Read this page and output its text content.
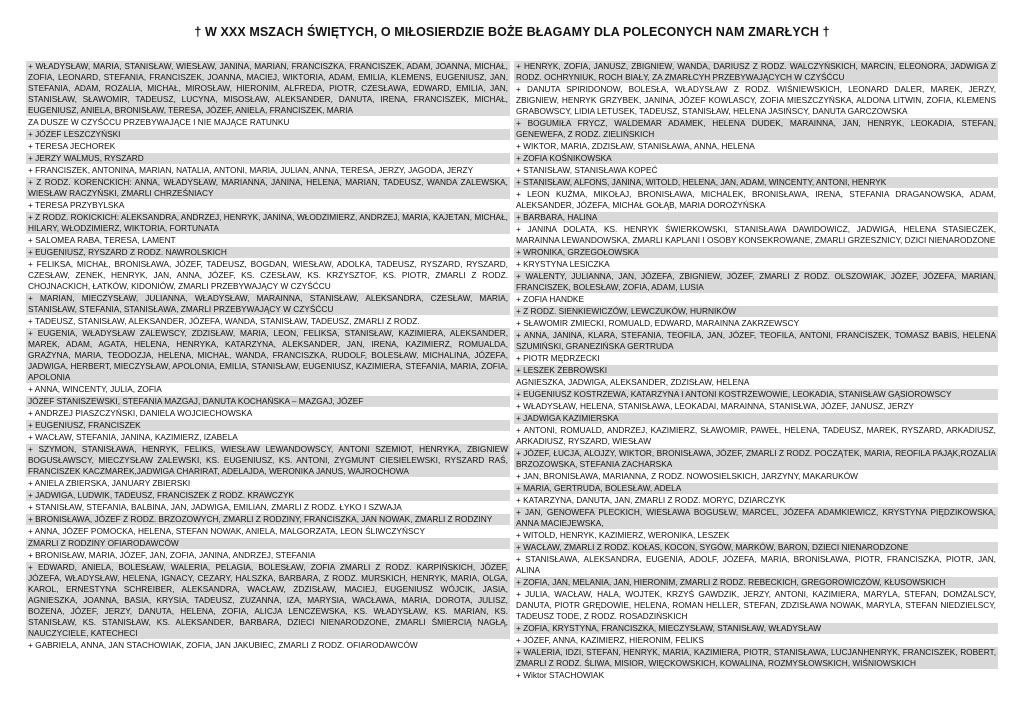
† W XXX MSZACH ŚWIĘTYCH, O MIŁOSIERDZIE BOŻE BŁAGAMY DLA POLECONYCH NAM ZMARŁYCH †
+ WŁADYSŁAW, MARIA, STANISŁAW, WIESŁAW, JANINA, MARIAN, FRANCISZKA, FRANCISZEK, ADAM, JOANNA, MICHAŁ, ZOFIA, LEONARD, STEFANIA, FRANCISZEK, JOANNA, MACIEJ, WIKTORIA, ADAM, EMILIA, KLEMENS, EUGENIUSZ, JAN, STEFANIA, ADAM, ROZALIA, MICHAŁ, MIROSŁAW, HIERONIM, ALFREDA, PIOTR, CZESŁAWA, EDWARD, EMILIA, JAN, STANISŁAW, SŁAWOMIR, TADEUSZ, LUCYNA, MISOSŁAW, ALEKSANDER, DANUTA, IRENA, FRANCISZEK, MICHAŁ, EUGENIUSZ, ANIELA, BRONISŁAW, TERESA, JÓZEF, ANIELA, FRANCISZEK, MARIA
ZA DUSZE W CZYŚĆCU PRZEBYWAJĄCE I NIE MAJĄCE RATUNKU
+ JÓZEF LESZCZYŃSKI
+ TERESA JECHOREK
+ JERZY WALMUS, RYSZARD
+ FRANCISZEK, ANTONINA, MARIAN, NATALIA, ANTONI, MARIA, JULIAN, ANNA, TERESA, JERZY, JAGODA, JERZY
+ Z RODZ. KORENCKICH: ANNA, WŁADYSŁAW, MARIANNA, JANINA, HELENA, MARIAN, TADEUSZ, WANDA ZALEWSKA, WIESŁAW RACZYŃSKI, ZMARLI CHRZEŚNIACY
+ TERESA PRZYBYLSKA
+ Z RODZ. ROKICKICH: ALEKSANDRA, ANDRZEJ, HENRYK, JANINA, WŁODZIMIERZ, ANDRZEJ, MARIA, KAJETAN, MICHAŁ, HILARY, WŁODZIMIERZ, WIKTORIA, FORTUNATA
+ SALOMEA RABA, TERESA, LAMENT
+ EUGENIUSZ, RYSZARD Z RODZ. NAWROLSKICH
+ FELIKSA, MICHAŁ, BRONISŁAWA, JÓZEF, TADEUSZ, BOGDAN, WIESŁAW, ADOLKA, TADEUSZ, RYSZARD, RYSZARD, CZESŁAW, ZENEK, HENRYK, JAN, ANNA, JÓZEF, KS. CZESŁAW, KS. KRZYSZTOF, KS. PIOTR, ZMARLI Z RODZ. CHOJNACKICH, ŁATKÓW, KIDONIÓW, ZMARLI PRZEBYWAJĄCY W CZYŚĆCU
+ MARIAN, MIECZYSŁAW, JULIANNA, WŁADYSŁAW, MARAINNA, STANISŁAW, ALEKSANDRA, CZESŁAW, MARIA, STANISŁAW, STEFANIA, STANISŁAWA, ZMARLI PRZEBYWAJĄCY W CZYŚĆCU
+ TADEUSZ, STANISŁAW, ALEKSANDER, JÓZEFA, WANDA, STANISŁAW, TADEUSZ, ZMARLI Z RODZ.
+ EUGENIA, WŁADYSŁAW ZALEWSCY, ZDZISŁAW, MARIA, LEON, FELIKSA, STANISŁAW, KAZIMIERA, ALEKSANDER, MAREK, ADAM, AGATA, HELENA, HENRYKA, KATARZYNA, ALEKSANDER, JAN, IRENA, KAZIMIERZ, ROMUALDA, GRAŻYNA, MARIA, TEODOZJA, HELENA, MICHAŁ, WANDA, FRANCISZKA, RUDOLF, BOLESŁAW, MICHALINA, JÓZEFA, JADWIGA, HERBERT, MIECZYSŁAW, APOLONIA, EMILIA, STANISŁAW, EUGENIUSZ, KAZIMIERA, STEFANIA, MARIA, ZOFIA, APOLONIA
+ ANNA, WINCENTY, JULIA, ZOFIA
JÓZEF STANISZEWSKI, STEFANIA MAZGAJ, DANUTA KOCHAŃSKA – MAZGAJ, JÓZEF
+ ANDRZEJ PIASZCZYŃSKI, DANIELA WOJCIECHOWSKA
+ EUGENIUSZ, FRANCISZEK
+ WACŁAW, STEFANIA, JANINA, KAZIMIERZ, IZABELA
+ SZYMON, STANISŁAWA, HENRYK, FELIKS, WIESŁAW LEWANDOWSCY, ANTONI SZEMIOT, HENRYKA, ZBIGNIEW BOGUSŁAWSCY, MIECZYSŁAW ZALEWSKI, KS. EUGENIUSZ, KS. ANTONI, ZYGMUNT CIESIELEWSKI, RYSZARD RAŚ, FRANCISZEK KACZMAREK,JADWIGA CHARIRAT, ADELAJDA, WERONIKA JANUS, WAJROCHOWA
+ ANIELA ZBIERSKA, JANUARY ZBIERSKI
+ JADWIGA, LUDWIK, TADEUSZ, FRANCISZEK Z RODZ. KRAWCZYK
+ STANISŁAW, STEFANIA, BALBINA, JAN, JADWIGA, EMILIAN, ZMARLI Z RODZ. ŁYKO I SZWAJA
+ BRONISŁAWA, JÓZEF Z RODZ. BRZOZOWYCH, ZMARLI Z RODZINY, FRANCISZKA, JAN NOWAK, ZMARLI Z RODZINY
+ ANNA, JÓZEF POMOCKA, HELENA, STEFAN NOWAK, ANIELA, MALGORZATA, LEON ŚLIWCZYŃSCY
ZMARLI Z RODZINY OFIARODAWCÓW
+ BRONISŁAW, MARIA, JÓZEF, JAN, ZOFIA, JANINA, ANDRZEJ, STEFANIA
+ EDWARD, ANIELA, BOLESŁAW, WALERIA, PELAGIA, BOLESŁAW, ZOFIA ZMARLI Z RODZ. KARPIŃSKICH, JÓZEF, JÓZEFA, WŁADYSŁAW, HELENA, IGNACY, CEZARY, HALSZKA, BARBARA, Z RODZ. MURSKICH, HENRYK, MARIA, OLGA, KAROL, ERNESTYNA SCHREIBER, ALEKSANDRA, WACŁAW, ZDZISŁAW, MACIEJ, EUGENIUSZ WÓJCIK, JASIA, AGNIESZKA, JOANNA, BASIA, KRYSIA, TADEUSZ, ZUZANNA, IZA, MARYSIA, WACŁAWA, MARIA, DOROTA, JULISZ, BOŻENA, JÓZEF, JERZY, DANUTA, HELENA, ZOFIA, ALICJA LENCZEWSKA, KS. WŁADYSŁAW, KS. MARIAN, KS. STANISŁAW, KS. STANISŁAW, KS. ALEKSANDER, BARBARA, DZIECI NIENARODZONE, ZMARLI ŚMIERCIĄ NAGŁĄ, NAUCZYCIELE, KATECHECI
+ GABRIELA, ANNA, JAN STACHOWIAK, ZOFIA, JAN JAKUBIEC, ZMARLI Z RODZ. OFIARODAWCÓW
+ HENRYK, ZOFIA, JANUSZ, ZBIGNIEW, WANDA, DARIUSZ Z RODZ. WALCZYŃSKICH, MARCIN, ELEONORA, JADWIGA Z RODZ. OCHRYNIUK, ROCH BIAŁY, ZA ZMARŁCYH PRZEBYWAJĄCYCH W CZYŚĆCU
+ DANUTA SPIRIDONOW, BOLESŁA, WŁADYSŁAW Z RODZ. WIŚNIEWSKICH, LEONARD DALER, MAREK, JERZY, ZBIGNIEW, HENRYK GRZYBEK, JANINA, JÓZEF KOWLASCY, ZOFIA MIESZCZYŃSKA, ALDONA LITWIN, ZOFIA, KLEMENS GRABOWSCY, LIDIA LETUSEK, TADEUSZ, STANISŁAW, HELENA JASIŃSCY, DANUTA GARCZOWSKA
+ BOGUMIŁA FRYCZ, WALDEMAR ADAMEK, HELENA DUDEK, MARAINNA, JAN, HENRYK, LEOKADIA, STEFAN, GENEWEFA, Z RODZ. ZIELIŃSKICH
+ WIKTOR, MARIA, ZDZISŁAW, STANISŁAWA, ANNA, HELENA
+ ZOFIA KOŚNIKOWSKA
+ STANISŁAW, STANISŁAWA KOPEĆ
+ STANISŁAW, ALFONS, JANINA, WITOLD, HELENA, JAN, ADAM, WINCENTY, ANTONI, HENRYK
+ LEON KUŹMA, MIKOŁAJ, BRONISŁAWA, MICHALEK, BRONISŁAWA, IRENA, STEFANIA DRAGANOWSKA, ADAM, ALEKSANDER, JÓZEFA, MICHAŁ GOŁĄB, MARIA DOROŻYŃSKA
+ BARBARA, HALINA
+ JANINA DOLATA, KS. HENRYK ŚWIERKOWSKI, STANISŁAWA DAWIDOWICZ, JADWIGA, HELENA STASIECZEK, MARAINNA LEWANDOWSKA, ZMARLI KAPLANI I OSOBY KONSEKROWANE, ZMARLI GRZESZNICY, DZICI NIENARODZONE
+ WRONIKA, GRZEGOŁOWSKA
+ KRYSTYNA LESICZKA
+ WALENTY, JULIANNA, JAN, JÓZEFA, ZBIGNIEW, JÓZEF, ZMARLI Z RODZ. OLSZOWIAK, JÓZEF, JÓZEFA, MARIAN, FRANCISZEK, BOLESŁAW, ZOFIA, ADAM, LUSIA
+ ZOFIA HANDKE
+ Z RODZ. SIENKIEWICZÓW, LEWCZUKÓW, HURNIKÓW
+ SŁAWOMIR ZMIECKI, ROMUALD, EDWARD, MARAINNA ZAKRZEWSCY
+ ANNA, JANINA, KLARA, STEFANIA, TEOFILA, JAN, JÓZEF, TEOFILA, ANTONI, FRANCISZEK, TOMASZ BABIS, HELENA SZUMIŃSKI, GRANEZIŃSKA GERTRUDA
+ PIOTR MĘDRZECKI
+ LESZEK ŻEBROWSKI
AGNIESZKA, JADWIGA, ALEKSANDER, ZDZISŁAW, HELENA
+ EUGENIUSZ KOSTRZEWA, KATARZYNA I ANTONI KOSTRZEWOWIE, LEOKADIA, STANISŁAW GĄSIOROWSCY
+ WŁADYSŁAW, HELENA, STANISŁAWA, LEOKADAI, MARAINNA, STANISŁWA, JÓZEF, JANUSZ, JERZY
+ JADWIGA KAZIMIERSKA
+ ANTONI, ROMUALD, ANDRZEJ, KAZIMIERZ, SŁAWOMIR, PAWEŁ, HELENA, TADEUSZ, MAREK, RYSZARD, ARKADIUSZ, ARKADIUSZ, RYSZARD, WIESŁAW
+ JÓZEF, ŁUCJA, ALOJZY, WIKTOR, BRONISŁAWA, JÓZEF, ZMARLI Z RODZ. POCZĄTEK, MARIA, REOFILA PAJĄK,ROZALIA BRZOZOWSKA, STEFANIA ZACHARSKA
+ JAN, BRONISŁAWA, MARIANNA, Z RODZ. NOWOSIELSKICH, JARZYNY, MAKARUKÓW
+ MARIA, GERTRUDA, BOLESŁAW, ADELA
+ KATARZYNA, DANUTA, JAN, ZMARLI Z RODZ. MORYC, DZIARCZYK
+ JAN, GENOWEFA PLECKICH, WIESŁAWA BOGUSŁW, MARCEL, JÓZEFA ADAMKIEWICZ, KRYSTYNA PIĘDZIKOWSKA, ANNA MACIEJEWSKA,
+ WITOLD, HENRYK, KAZIMIERZ, WERONIKA, LESZEK
+ WACŁAW, ZMARLI Z RODZ. KOŁAS, KOCON, SYGÓW, MARKÓW, BARON, DZIECI NIENARODZONE
+ STANISŁAWA, ALEKSANDRA, EUGENIA, ADOLF, JÓZEFA, MARIA, BRONISŁAWA, PIOTR, FRANCISZKA, PIOTR, JAN, ALINA
+ ZOFIA, JAN, MELANIA, JAN, HIERONIM, ZMARLI Z RODZ. REBECKICH, GREGOROWICZÓW, KŁUSOWSKICH
+ JULIA, WACŁAW, HALA, WOJTEK, KRZYŚ GAWDZIK, JERZY, ANTONI, KAZIMIERA, MARYLA, STEFAN, DOMŻALSCY, DANUTA, PIOTR GRĘDOWIE, HELENA, ROMAN HELLER, STEFAN, ZDZISŁAWA NOWAK, MARYLA, STEFAN NIEDZIELSCY, TADEUSZ TODE, Z RODZ. ROSADZIŃSKICH
+ ZOFIA, KRYSTYNA, FRANCISZKA, MIECZYSŁAW, STANISŁAW, WŁADYSŁAW
+ JÓZEF, ANNA, KAZIMIERZ, HIERONIM, FELIKS
+ WALERIA, IDZI, STEFAN, HENRYK, MARIA, KAZIMIERA, PIOTR, STANISŁAWA, LUCJANHENRYK, FRANCISZEK, ROBERT, ZMARLI Z RODZ. ŚLIWA, MISIOR, WIĘCKOWSKICH, KOWALINA, ROZMYSŁOWSKICH, WIŚNIOWSKICH
+ Wiktor STACHOWIAK
